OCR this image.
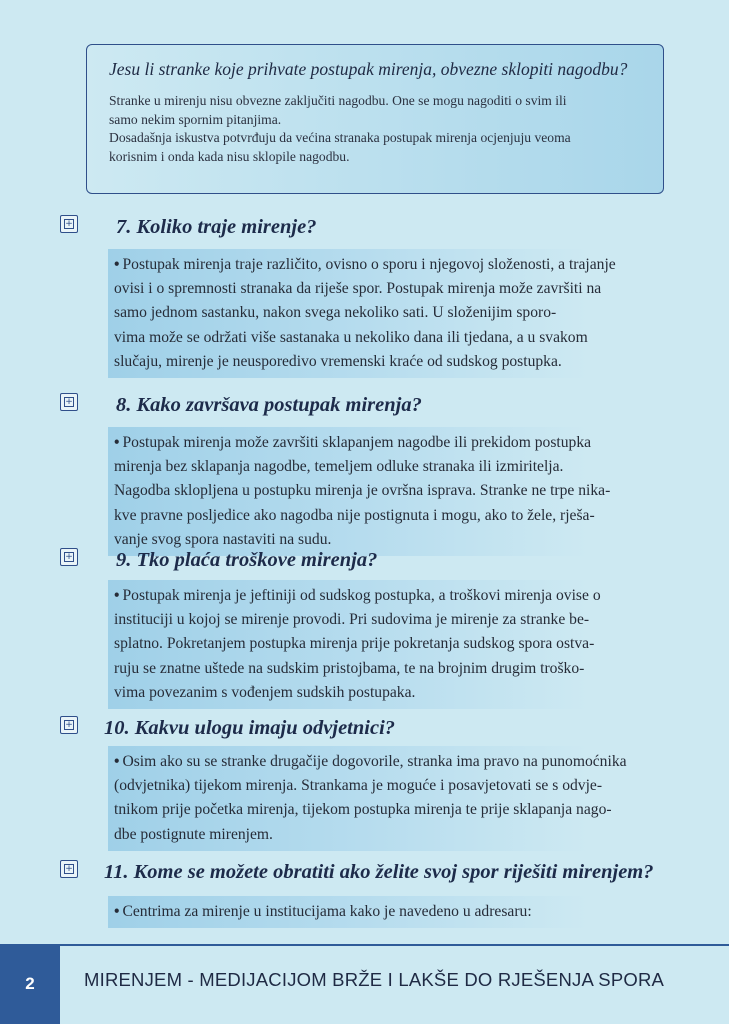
Jesu li stranke koje prihvate postupak mirenja, obvezne sklopiti nagodbu?

Stranke u mirenju nisu obvezne zaključiti nagodbu. One se mogu nagoditi o svim ili
samo nekim spornim pitanjima.
Dosadašnja iskustva potvrđuju da većina stranaka postupak mirenja ocjenjuju veoma
korisnim i onda kada nisu sklopile nagodbu.

+ 7. Koliko traje mirenje?

• Postupak mirenja traje različito, ovisno o sporu i njegovoj složenosti, a trajanje
ovisi i o spremnosti stranaka da riješe spor. Postupak mirenja može završiti na
samo jednom sastanku, nakon svega nekoliko sati. U složenijim sporo-
vima može se održati više sastanaka u nekoliko dana ili tjedana, a u svakom
slučaju, mirenje je neusporedivo vremenski kraće od sudskog postupka.

+ 8. Kako završava postupak mirenja?

• Postupak mirenja može završiti sklapanjem nagodbe ili prekidom postupka
mirenja bez sklapanja nagodbe, temeljem odluke stranaka ili izmiritelja.
Nagodba sklopljena u postupku mirenja je ovršna isprava. Stranke ne trpe nika-
kve pravne posljedice ako nagodba nije postignuta i mogu, ako to žele, rješa-
vanje svog spora nastaviti na sudu.

+ 9. Tko plaća troškove mirenja?

• Postupak mirenja je jeftiniji od sudskog postupka, a troškovi mirenja ovise o
instituciji u kojoj se mirenje provodi. Pri sudovima je mirenje za stranke be-
splatno. Pokretanjem postupka mirenja prije pokretanja sudskog spora ostva-
ruju se znatne uštede na sudskim pristojbama, te na brojnim drugim troško-
vima povezanim s vođenjem sudskih postupaka.

+ 10. Kakvu ulogu imaju odvjetnici?

• Osim ako su se stranke drugačije dogovorile, stranka ima pravo na punomoćnika
(odvjetnika) tijekom mirenja. Strankama je moguće i posavjetovati se s odvje-
tnikom prije početka mirenja, tijekom postupka mirenja te prije sklapanja nago-
dbe postignute mirenjem.

+ 11. Kome se možete obratiti ako želite svoj spor riješiti mirenjem?

• Centrima za mirenje u institucijama kako je navedeno u adresaru:

2	MIRENJEM - MEDIJACIJOM BRŽE I LAKŠE DO RJEŠENJA SPORA
